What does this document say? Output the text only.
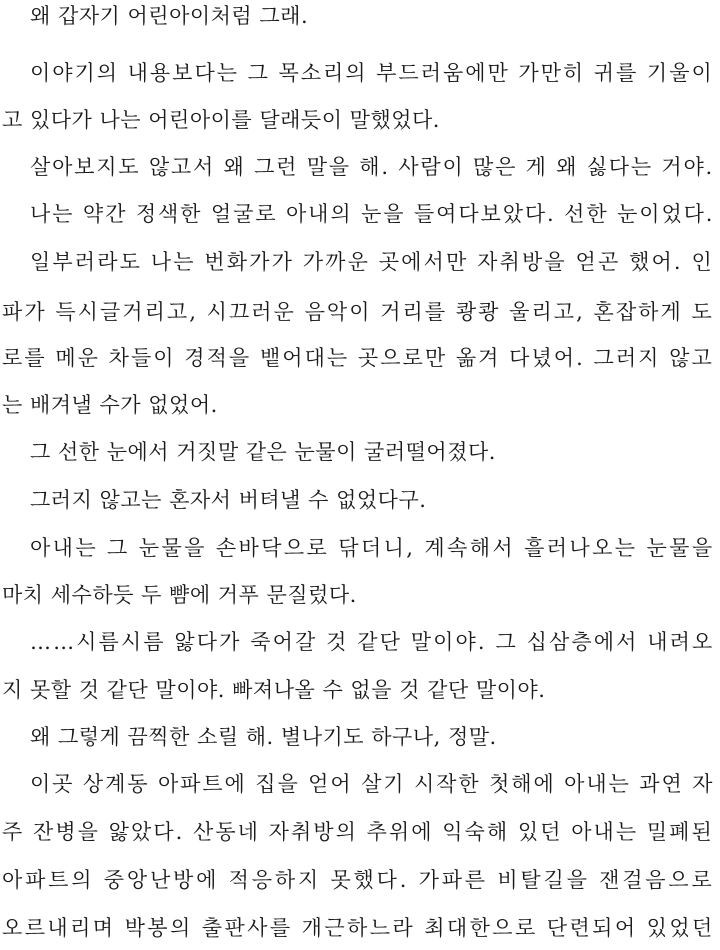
왜 갑자기 어린아이처럼 그래.
이야기의 내용보다는 그 목소리의 부드러움에만 가만히 귀를 기울이
고 있다가 나는 어린아이를 달래듯이 말했었다.
살아보지도 않고서 왜 그런 말을 해. 사람이 많은 게 왜 싫다는 거야.
나는 약간 정색한 얼굴로 아내의 눈을 들여다보았다. 선한 눈이었다.
일부러라도 나는 번화가가 가까운 곳에서만 자취방을 얻곤 했어. 인
파가 득시글거리고, 시끄러운 음악이 거리를 쾅쾅 울리고, 혼잡하게 도
로를 메운 차들이 경적을 뱉어대는 곳으로만 옮겨 다녔어. 그러지 않고
는 배겨낼 수가 없었어.
그 선한 눈에서 거짓말 같은 눈물이 굴러떨어졌다.
그러지 않고는 혼자서 버텨낼 수 없었다구.
아내는 그 눈물을 손바닥으로 닦더니, 계속해서 흘러나오는 눈물을
마치 세수하듯 두 뺨에 거푸 문질렀다.
……시름시름 앓다가 죽어갈 것 같단 말이야. 그 십삼층에서 내려오
지 못할 것 같단 말이야. 빠져나올 수 없을 것 같단 말이야.
왜 그렇게 끔찍한 소릴 해. 별나기도 하구나, 정말.
이곳 상계동 아파트에 집을 얻어 살기 시작한 첫해에 아내는 과연 자
주 잔병을 앓았다. 산동네 자취방의 추위에 익숙해 있던 아내는 밀폐된
아파트의 중앙난방에 적응하지 못했다. 가파른 비탈길을 잰걸음으로
오르내리며 박봉의 출판사를 개근하느라 최대한으로 단련되어 있었던
